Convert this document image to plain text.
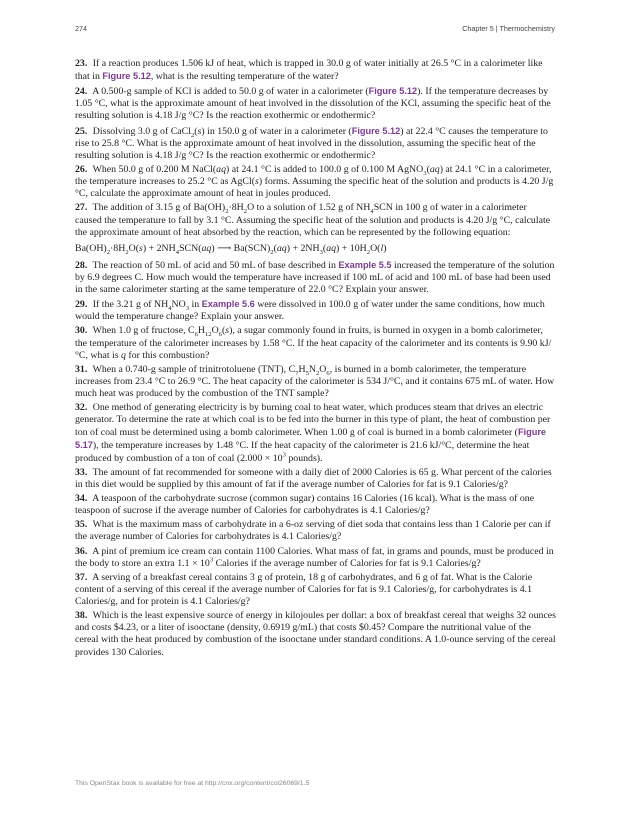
274	Chapter 5 | Thermochemistry

23. If a reaction produces 1.506 kJ of heat, which is trapped in 30.0 g of water initially at 26.5 °C in a calorimeter like that in Figure 5.12, what is the resulting temperature of the water?

24. A 0.500-g sample of KCl is added to 50.0 g of water in a calorimeter (Figure 5.12). If the temperature decreases by 1.05 °C, what is the approximate amount of heat involved in the dissolution of the KCl, assuming the specific heat of the resulting solution is 4.18 J/g °C? Is the reaction exothermic or endothermic?

25. Dissolving 3.0 g of CaCl$_2$(s) in 150.0 g of water in a calorimeter (Figure 5.12) at 22.4 °C causes the temperature to rise to 25.8 °C. What is the approximate amount of heat involved in the dissolution, assuming the specific heat of the resulting solution is 4.18 J/g °C? Is the reaction exothermic or endothermic?

26. When 50.0 g of 0.200 M NaCl(aq) at 24.1 °C is added to 100.0 g of 0.100 M AgNO$_3$(aq) at 24.1 °C in a calorimeter, the temperature increases to 25.2 °C as AgCl(s) forms. Assuming the specific heat of the solution and products is 4.20 J/g °C, calculate the approximate amount of heat in joules produced.

27. The addition of 3.15 g of $Ba(OH)_2\cdot 8H_2O$ to a solution of 1.52 g of $NH_4SCN$ in 100 g of water in a calorimeter caused the temperature to fall by 3.1 °C. Assuming the specific heat of the solution and products is 4.20 J/g °C, calculate the approximate amount of heat absorbed by the reaction, which can be represented by the following equation:

$Ba(OH)_2\cdot 8H_2O(s) + 2NH_4SCN(aq)$ ⟶ $Ba(SCN)_2(aq) + 2NH_3(aq) + 10H_2O(l)$

28. The reaction of 50 mL of acid and 50 mL of base described in Example 5.5 increased the temperature of the solution by 6.9 degrees C. How much would the temperature have increased if 100 mL of acid and 100 mL of base had been used in the same calorimeter starting at the same temperature of 22.0 °C? Explain your answer.

29. If the 3.21 g of $NH_4NO_3$ in Example 5.6 were dissolved in 100.0 g of water under the same conditions, how much would the temperature change? Explain your answer.

30. When 1.0 g of fructose, $C_6H_{12}O_6(s)$, a sugar commonly found in fruits, is burned in oxygen in a bomb calorimeter, the temperature of the calorimeter increases by 1.58 °C. If the heat capacity of the calorimeter and its contents is 9.90 kJ/°C, what is q for this combustion?

31. When a 0.740-g sample of trinitrotoluene (TNT), $C_7H_5N_2O_6$, is burned in a bomb calorimeter, the temperature increases from 23.4 °C to 26.9 °C. The heat capacity of the calorimeter is 534 J/°C, and it contains 675 mL of water. How much heat was produced by the combustion of the TNT sample?

32. One method of generating electricity is by burning coal to heat water, which produces steam that drives an electric generator. To determine the rate at which coal is to be fed into the burner in this type of plant, the heat of combustion per ton of coal must be determined using a bomb calorimeter. When 1.00 g of coal is burned in a bomb calorimeter (Figure 5.17), the temperature increases by 1.48 °C. If the heat capacity of the calorimeter is 21.6 kJ/°C, determine the heat produced by combustion of a ton of coal ($2.000 \times 10^3$ pounds).

33. The amount of fat recommended for someone with a daily diet of 2000 Calories is 65 g. What percent of the calories in this diet would be supplied by this amount of fat if the average number of Calories for fat is 9.1 Calories/g?

34. A teaspoon of the carbohydrate sucrose (common sugar) contains 16 Calories (16 kcal). What is the mass of one teaspoon of sucrose if the average number of Calories for carbohydrates is 4.1 Calories/g?

35. What is the maximum mass of carbohydrate in a 6-oz serving of diet soda that contains less than 1 Calorie per can if the average number of Calories for carbohydrates is 4.1 Calories/g?

36. A pint of premium ice cream can contain 1100 Calories. What mass of fat, in grams and pounds, must be produced in the body to store an extra $1.1 \times 10^3$ Calories if the average number of Calories for fat is 9.1 Calories/g?

37. A serving of a breakfast cereal contains 3 g of protein, 18 g of carbohydrates, and 6 g of fat. What is the Calorie content of a serving of this cereal if the average number of Calories for fat is 9.1 Calories/g, for carbohydrates is 4.1 Calories/g, and for protein is 4.1 Calories/g?

38. Which is the least expensive source of energy in kilojoules per dollar: a box of breakfast cereal that weighs 32 ounces and costs $4.23, or a liter of isooctane (density, 0.6919 g/mL) that costs $0.45? Compare the nutritional value of the cereal with the heat produced by combustion of the isooctane under standard conditions. A 1.0-ounce serving of the cereal provides 130 Calories.

This OpenStax book is available for free at http://cnx.org/content/col26069/1.5
